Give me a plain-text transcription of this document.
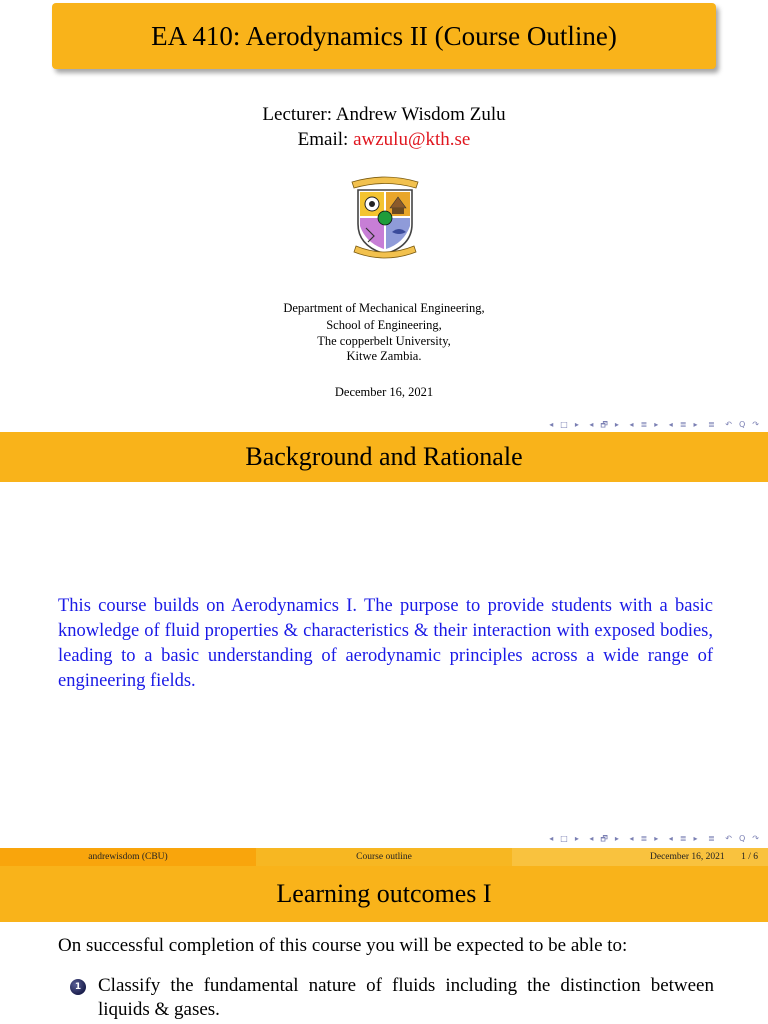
EA 410: Aerodynamics II (Course Outline)
Lecturer: Andrew Wisdom Zulu
Email: awzulu@kth.se
Department of Mechanical Engineering,
School of Engineering,
The copperbelt University,
Kitwe Zambia.
December 16, 2021
◂ □ ▸ ◂ 🗗 ▸ ◂ ≣ ▸ ◂ ≣ ▸ ≣ ↶ Q ↷
Background and Rationale
This course builds on Aerodynamics I. The purpose to provide students with a basic knowledge of fluid properties & characteristics & their interaction with exposed bodies, leading to a basic understanding of aerodynamic principles across a wide range of engineering fields.
◂ □ ▸ ◂ 🗗 ▸ ◂ ≣ ▸ ◂ ≣ ▸ ≣ ↶ Q ↷
andrewisdom (CBU)	Course outline	December 16, 2021 1 / 6
Learning outcomes I
On successful completion of this course you will be expected to be able to:
1 Classify the fundamental nature of fluids including the distinction between liquids & gases.
